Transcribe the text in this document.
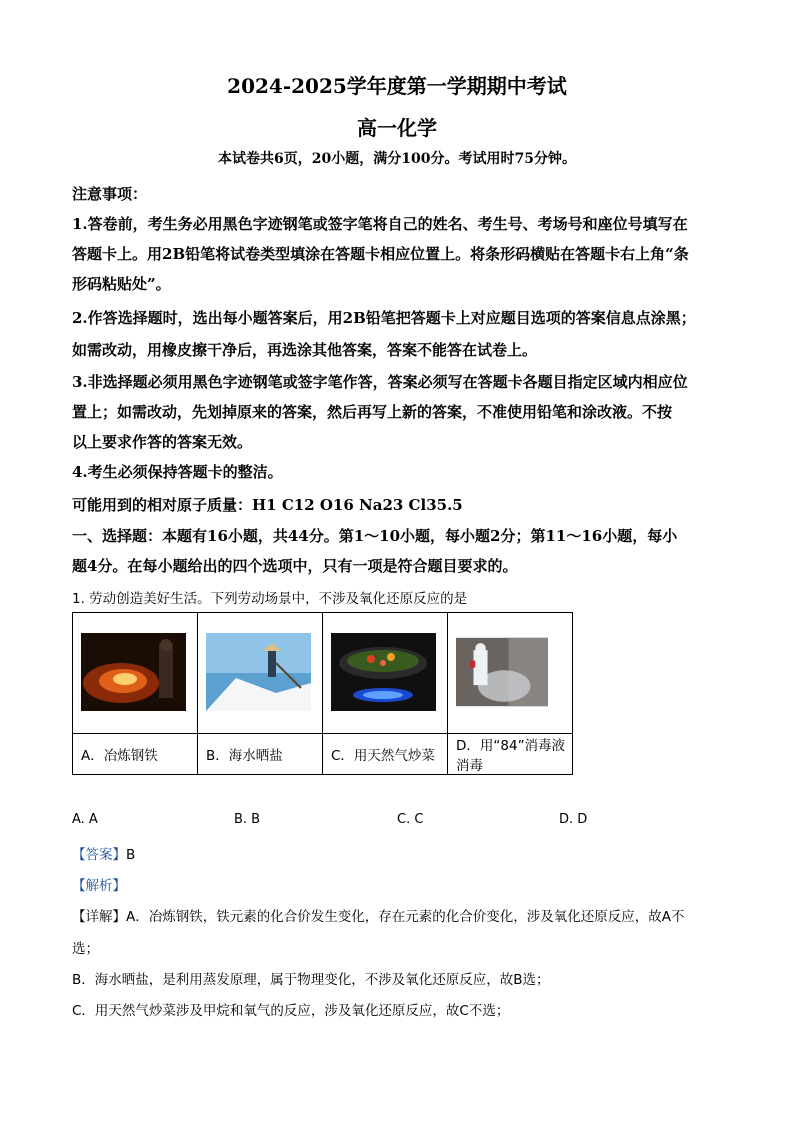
2024-2025学年度第一学期期中考试
高一化学
本试卷共6页，20小题，满分100分。考试用时75分钟。
注意事项：
1.答卷前，考生务必用黑色字迹钢笔或签字笔将自己的姓名、考生号、考场号和座位号填写在
答题卡上。用2B铅笔将试卷类型填涂在答题卡相应位置上。将条形码横贴在答题卡右上角“条
形码粘贴处”。
2.作答选择题时，选出每小题答案后，用2B铅笔把答题卡上对应题目选项的答案信息点涂黑；
如需改动，用橡皮擦干净后，再选涂其他答案，答案不能答在试卷上。
3.非选择题必须用黑色字迹钢笔或签字笔作答，答案必须写在答题卡各题目指定区域内相应位
置上；如需改动，先划掉原来的答案，然后再写上新的答案，不准使用铅笔和涂改液。不按
以上要求作答的答案无效。
4.考生必须保持答题卡的整洁。
可能用到的相对原子质量：H1 C12 O16 Na23 Cl35.5
一、选择题：本题有16小题，共44分。第1～10小题，每小题2分；第11～16小题，每小
题4分。在每小题给出的四个选项中，只有一项是符合题目要求的。
1. 劳动创造美好生活。下列劳动场景中，不涉及氧化还原反应的是

A．冶炼钢铁	B．海水晒盐	C．用天然气炒菜	D．用“84”消毒液消毒
A. A	B. B	C. C	D. D
【答案】B
【解析】
【详解】A．冶炼钢铁，铁元素的化合价发生变化，存在元素的化合价变化，涉及氧化还原反应，故A不
选；
B．海水晒盐，是利用蒸发原理，属于物理变化，不涉及氧化还原反应，故B选；
C．用天然气炒菜涉及甲烷和氧气的反应，涉及氧化还原反应，故C不选；
